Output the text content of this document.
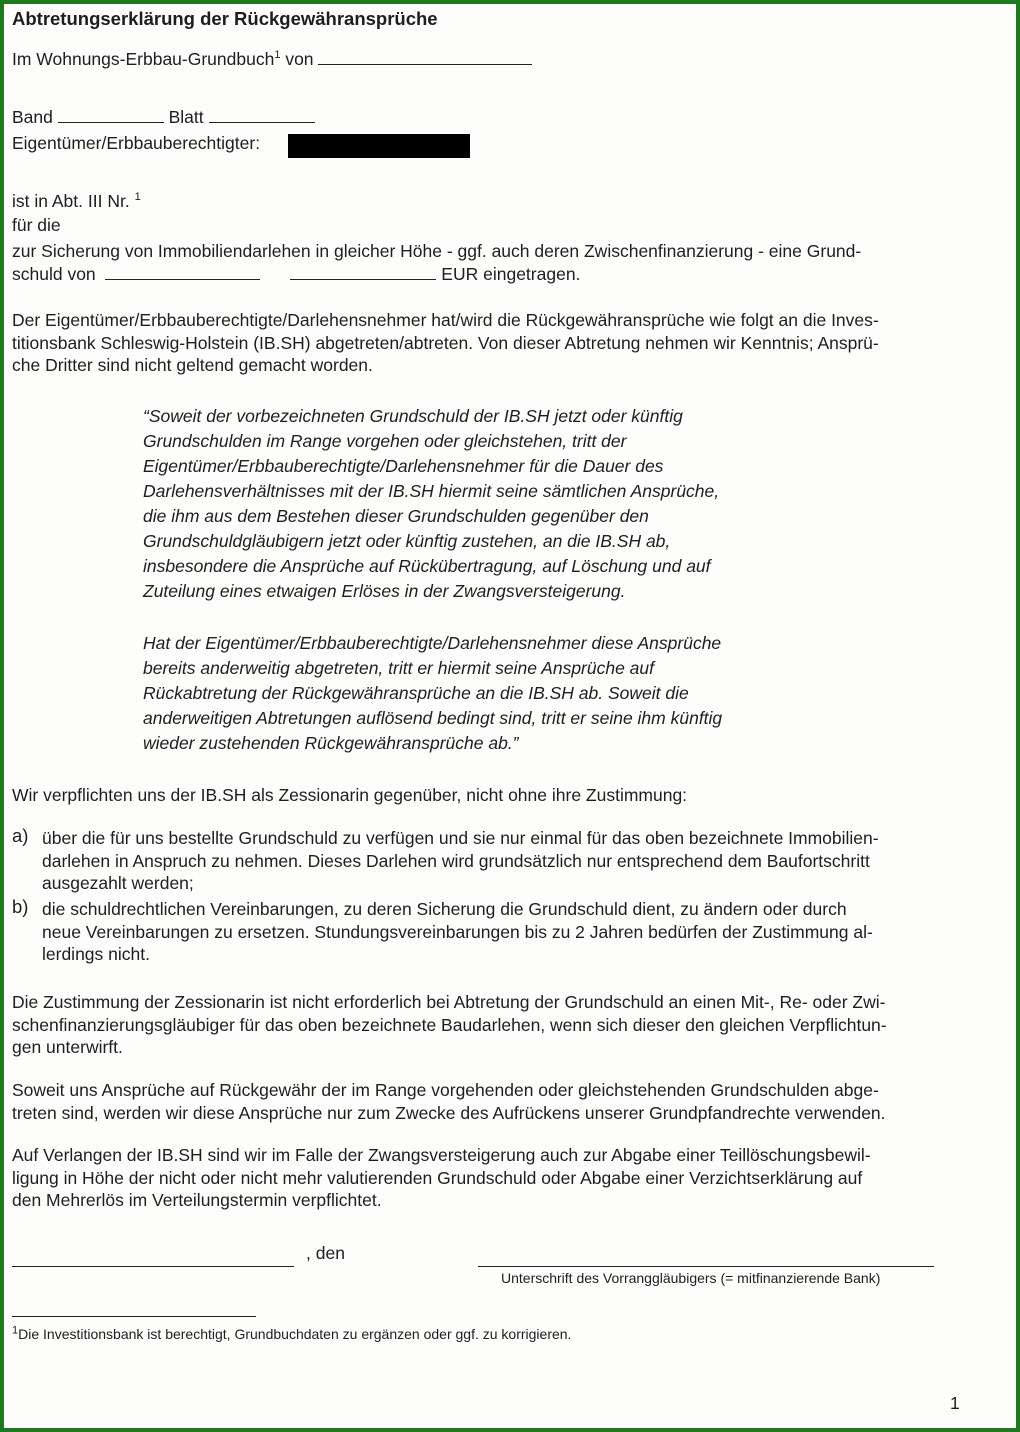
Abtretungserklärung der Rückgewähransprüche
Im Wohnungs-Erbbau-Grundbuch$^1$ von
Band	Blatt
Eigentümer/Erbbauberechtigter:
ist in Abt. III Nr. $^1$
für die
zur Sicherung von Immobiliendarlehen in gleicher Höhe - ggf. auch deren Zwischenfinanzierung - eine Grund-
schuld von	EUR eingetragen.
Der Eigentümer/Erbbauberechtigte/Darlehensnehmer hat/wird die Rückgewähransprüche wie folgt an die Inves-
titionsbank Schleswig-Holstein (IB.SH) abgetreten/abtreten. Von dieser Abtretung nehmen wir Kenntnis; Ansprü-
che Dritter sind nicht geltend gemacht worden.
“Soweit der vorbezeichneten Grundschuld der IB.SH jetzt oder künftig
Grundschulden im Range vorgehen oder gleichstehen, tritt der
Eigentümer/Erbbauberechtigte/Darlehensnehmer für die Dauer des
Darlehensverhältnisses mit der IB.SH hiermit seine sämtlichen Ansprüche,
die ihm aus dem Bestehen dieser Grundschulden gegenüber den
Grundschuldgläubigern jetzt oder künftig zustehen, an die IB.SH ab,
insbesondere die Ansprüche auf Rückübertragung, auf Löschung und auf
Zuteilung eines etwaigen Erlöses in der Zwangsversteigerung.
Hat der Eigentümer/Erbbauberechtigte/Darlehensnehmer diese Ansprüche
bereits anderweitig abgetreten, tritt er hiermit seine Ansprüche auf
Rückabtretung der Rückgewähransprüche an die IB.SH ab. Soweit die
anderweitigen Abtretungen auflösend bedingt sind, tritt er seine ihm künftig
wieder zustehenden Rückgewähransprüche ab.”
Wir verpflichten uns der IB.SH als Zessionarin gegenüber, nicht ohne ihre Zustimmung:
a) über die für uns bestellte Grundschuld zu verfügen und sie nur einmal für das oben bezeichnete Immobilien-
darlehen in Anspruch zu nehmen. Dieses Darlehen wird grundsätzlich nur entsprechend dem Baufortschritt
ausgezahlt werden;
b) die schuldrechtlichen Vereinbarungen, zu deren Sicherung die Grundschuld dient, zu ändern oder durch
neue Vereinbarungen zu ersetzen. Stundungsvereinbarungen bis zu 2 Jahren bedürfen der Zustimmung al-
lerdings nicht.
Die Zustimmung der Zessionarin ist nicht erforderlich bei Abtretung der Grundschuld an einen Mit-, Re- oder Zwi-
schenfinanzierungsgläubiger für das oben bezeichnete Baudarlehen, wenn sich dieser den gleichen Verpflichtun-
gen unterwirft.
Soweit uns Ansprüche auf Rückgewähr der im Range vorgehenden oder gleichstehenden Grundschulden abge-
treten sind, werden wir diese Ansprüche nur zum Zwecke des Aufrückens unserer Grundpfandrechte verwenden.
Auf Verlangen der IB.SH sind wir im Falle der Zwangsversteigerung auch zur Abgabe einer Teillöschungsbewil-
ligung in Höhe der nicht oder nicht mehr valutierenden Grundschuld oder Abgabe einer Verzichtserklärung auf
den Mehrerlös im Verteilungstermin verpflichtet.
, den
Unterschrift des Vorranggläubigers (= mitfinanzierende Bank)
$^1$Die Investitionsbank ist berechtigt, Grundbuchdaten zu ergänzen oder ggf. zu korrigieren.
1
